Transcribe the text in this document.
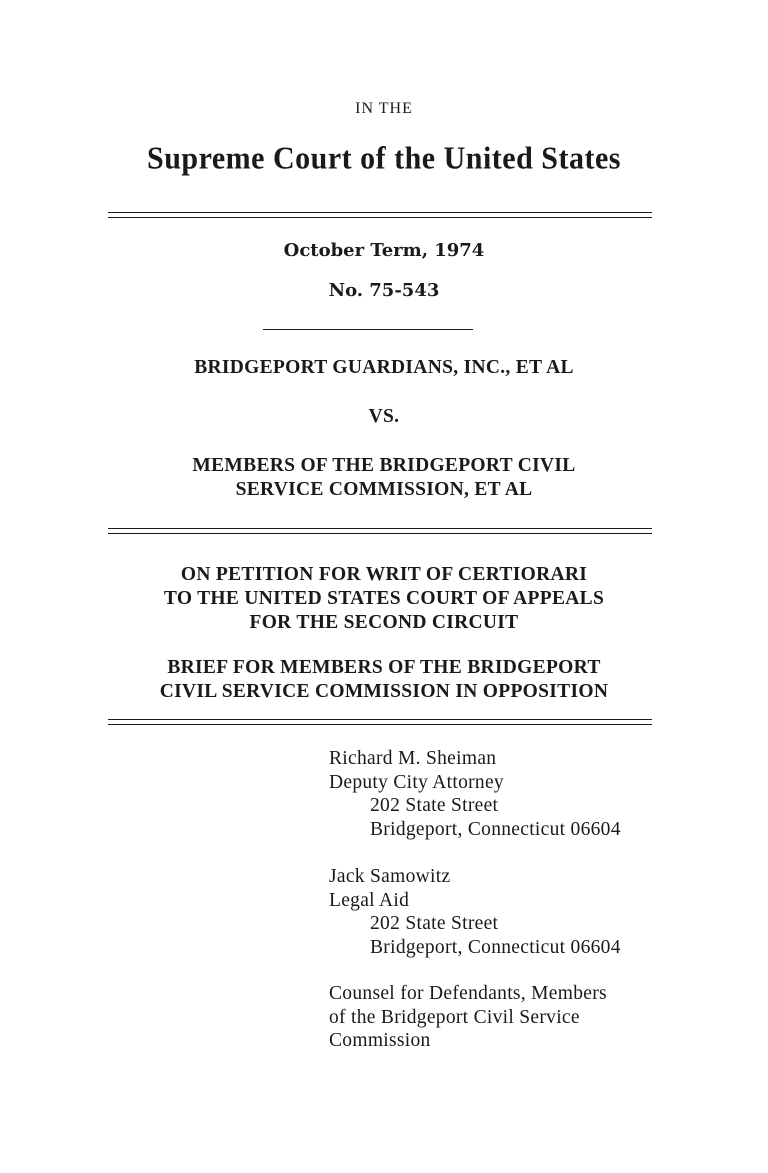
IN THE
Supreme Court of the United States
October Term, 1974
No. 75-543
BRIDGEPORT GUARDIANS, INC., ET AL
VS.
MEMBERS OF THE BRIDGEPORT CIVIL
SERVICE COMMISSION, ET AL
ON PETITION FOR WRIT OF CERTIORARI
TO THE UNITED STATES COURT OF APPEALS
FOR THE SECOND CIRCUIT
BRIEF FOR MEMBERS OF THE BRIDGEPORT
CIVIL SERVICE COMMISSION IN OPPOSITION
Richard M. Sheiman
Deputy City Attorney
202 State Street
Bridgeport, Connecticut 06604
Jack Samowitz
Legal Aid
202 State Street
Bridgeport, Connecticut 06604
Counsel for Defendants, Members
of the Bridgeport Civil Service
Commission
